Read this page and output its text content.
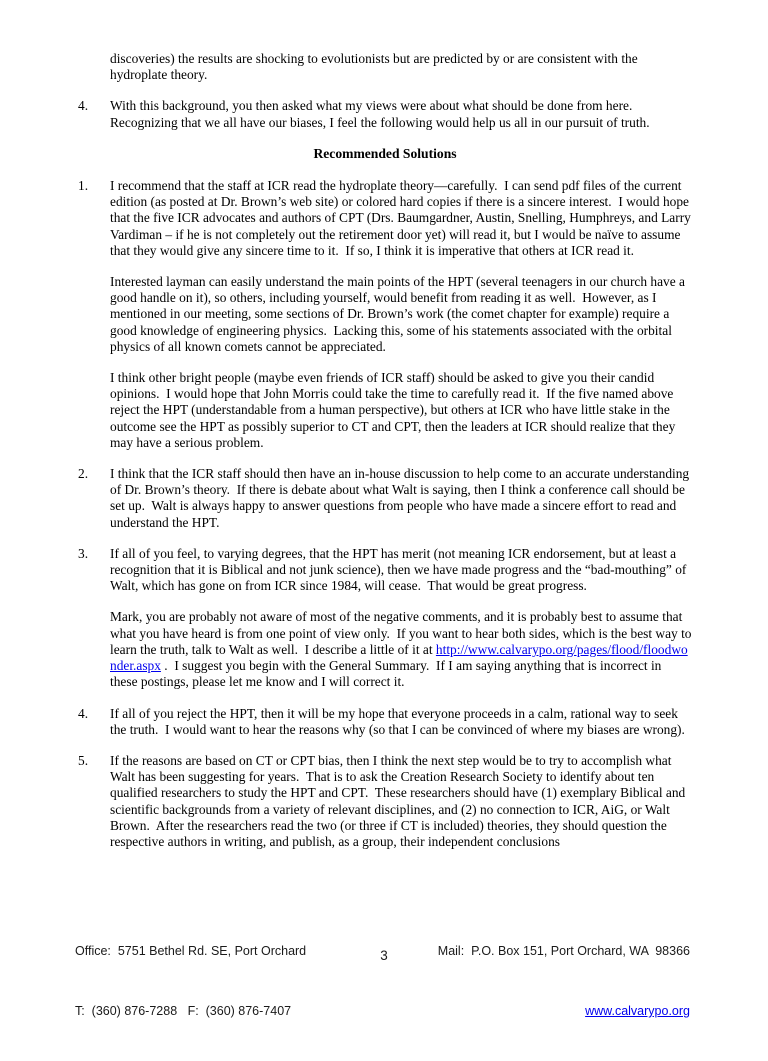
discoveries) the results are shocking to evolutionists but are predicted by or are consistent with the hydroplate theory.

4.	With this background, you then asked what my views were about what should be done from here.  Recognizing that we all have our biases, I feel the following would help us all in our pursuit of truth.

Recommended Solutions
1.	I recommend that the staff at ICR read the hydroplate theory—carefully.  I can send pdf files of the current edition (as posted at Dr. Brown’s web site) or colored hard copies if there is a sincere interest.  I would hope that the five ICR advocates and authors of CPT (Drs. Baumgardner, Austin, Snelling, Humphreys, and Larry Vardiman – if he is not completely out the retirement door yet) will read it, but I would be naïve to assume that they would give any sincere time to it.  If so, I think it is imperative that others at ICR read it.

Interested layman can easily understand the main points of the HPT (several teenagers in our church have a good handle on it), so others, including yourself, would benefit from reading it as well.  However, as I mentioned in our meeting, some sections of Dr. Brown’s work (the comet chapter for example) require a good knowledge of engineering physics.  Lacking this, some of his statements associated with the orbital physics of all known comets cannot be appreciated.

I think other bright people (maybe even friends of ICR staff) should be asked to give you their candid opinions.  I would hope that John Morris could take the time to carefully read it.  If the five named above reject the HPT (understandable from a human perspective), but others at ICR who have little stake in the outcome see the HPT as possibly superior to CT and CPT, then the leaders at ICR should realize that they may have a serious problem.

2.	I think that the ICR staff should then have an in-house discussion to help come to an accurate understanding of Dr. Brown’s theory.  If there is debate about what Walt is saying, then I think a conference call should be set up.  Walt is always happy to answer questions from people who have made a sincere effort to read and understand the HPT.

3.	If all of you feel, to varying degrees, that the HPT has merit (not meaning ICR endorsement, but at least a recognition that it is Biblical and not junk science), then we have made progress and the “bad-mouthing” of Walt, which has gone on from ICR since 1984, will cease.  That would be great progress.

Mark, you are probably not aware of most of the negative comments, and it is probably best to assume that what you have heard is from one point of view only.  If you want to hear both sides, which is the best way to learn the truth, talk to Walt as well.  I describe a little of it at http://www.calvarypo.org/pages/flood/floodwonder.aspx .  I suggest you begin with the General Summary.  If I am saying anything that is incorrect in these postings, please let me know and I will correct it.

4.	If all of you reject the HPT, then it will be my hope that everyone proceeds in a calm, rational way to seek the truth.  I would want to hear the reasons why (so that I can be convinced of where my biases are wrong).

5.	If the reasons are based on CT or CPT bias, then I think the next step would be to try to accomplish what Walt has been suggesting for years.  That is to ask the Creation Research Society to identify about ten qualified researchers to study the HPT and CPT.  These researchers should have (1) exemplary Biblical and scientific backgrounds from a variety of relevant disciplines, and (2) no connection to ICR, AiG, or Walt Brown.  After the researchers read the two (or three if CT is included) theories, they should question the respective authors in writing, and publish, as a group, their independent conclusions

Office:  5751 Bethel Rd. SE, Port Orchard

T:  (360) 876-7288   F:  (360) 876-7407

Mail:  P.O. Box 151, Port Orchard, WA  98366

www.calvarypo.org

3
